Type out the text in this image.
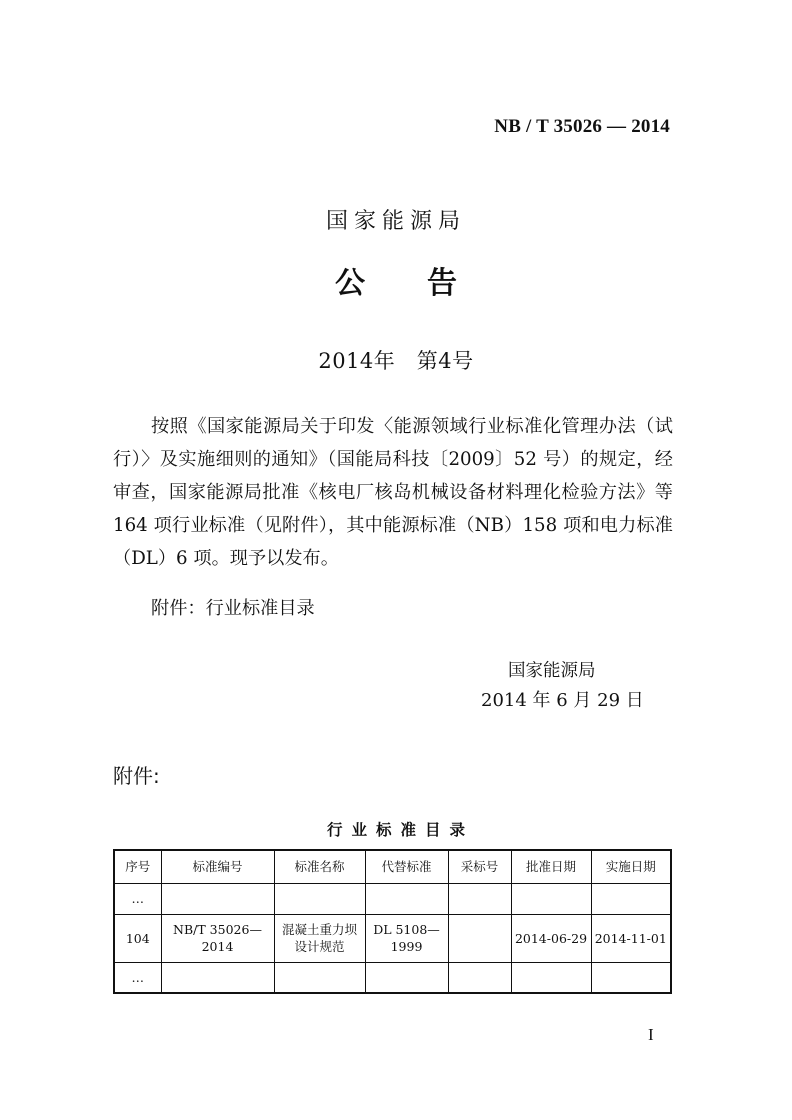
NB / T 35026 — 2014
国家能源局
公告
2014年　第4号
按照《国家能源局关于印发〈能源领域行业标准化管理办法（试行）〉及实施细则的通知》（国能局科技〔2009〕52 号）的规定，经审查，国家能源局批准《核电厂核岛机械设备材料理化检验方法》等 164 项行业标准（见附件），其中能源标准（NB）158 项和电力标准（DL）6 项。现予以发布。
附件：行业标准目录
国家能源局
2014 年 6 月 29 日
附件:
行业标准目录
序号	标准编号	标准名称	代替标准	采标号	批准日期	实施日期
…						
104	NB/T 35026—2014	混凝土重力坝设计规范	DL 5108—1999		2014-06-29	2014-11-01
…						
I
